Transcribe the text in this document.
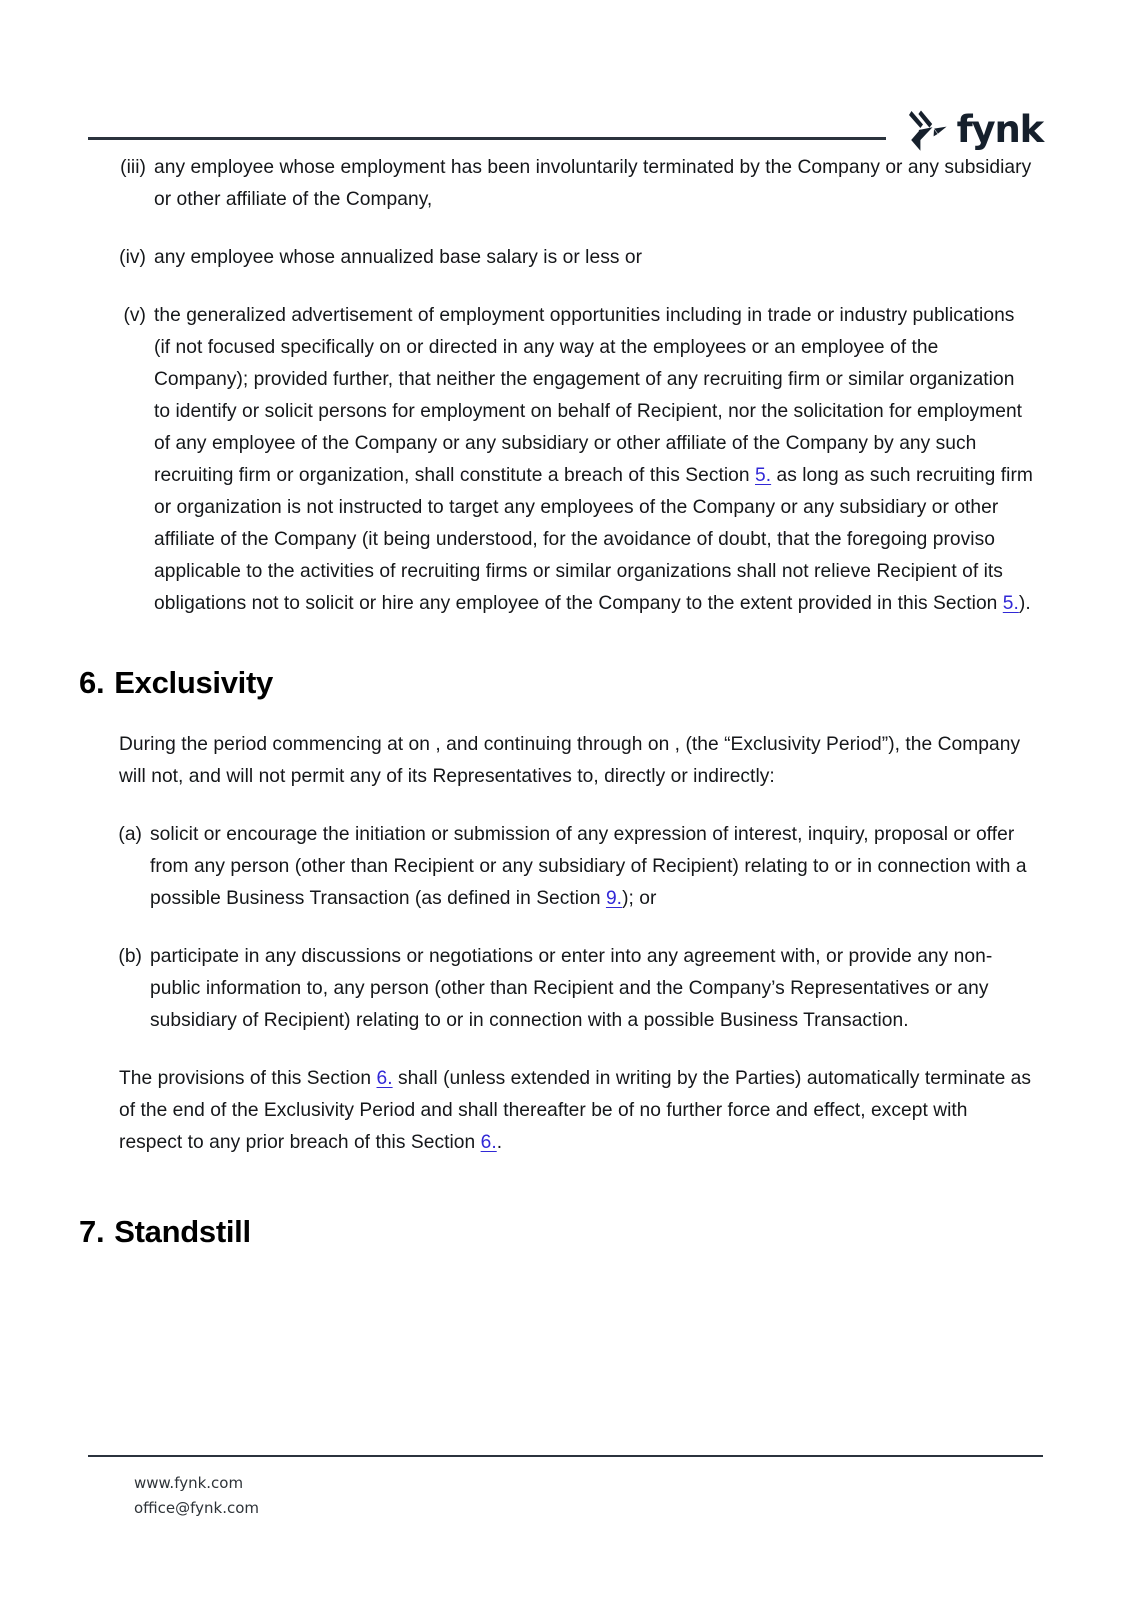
fynk
(iii) any employee whose employment has been involuntarily terminated by the Company or any subsidiary or other affiliate of the Company,
(iv) any employee whose annualized base salary is or less or
(v) the generalized advertisement of employment opportunities including in trade or industry publications (if not focused specifically on or directed in any way at the employees or an employee of the Company); provided further, that neither the engagement of any recruiting firm or similar organization to identify or solicit persons for employment on behalf of Recipient, nor the solicitation for employment of any employee of the Company or any subsidiary or other affiliate of the Company by any such recruiting firm or organization, shall constitute a breach of this Section 5. as long as such recruiting firm or organization is not instructed to target any employees of the Company or any subsidiary or other affiliate of the Company (it being understood, for the avoidance of doubt, that the foregoing proviso applicable to the activities of recruiting firms or similar organizations shall not relieve Recipient of its obligations not to solicit or hire any employee of the Company to the extent provided in this Section 5.).
6. Exclusivity

During the period commencing at on , and continuing through on , (the “Exclusivity Period”), the Company will not, and will not permit any of its Representatives to, directly or indirectly:

(a) solicit or encourage the initiation or submission of any expression of interest, inquiry, proposal or offer from any person (other than Recipient or any subsidiary of Recipient) relating to or in connection with a possible Business Transaction (as defined in Section 9.); or
(b) participate in any discussions or negotiations or enter into any agreement with, or provide any non-public information to, any person (other than Recipient and the Company’s Representatives or any subsidiary of Recipient) relating to or in connection with a possible Business Transaction.

The provisions of this Section 6. shall (unless extended in writing by the Parties) automatically terminate as of the end of the Exclusivity Period and shall thereafter be of no further force and effect, except with respect to any prior breach of this Section 6..

7. Standstill
www.fynk.com
office@fynk.com
